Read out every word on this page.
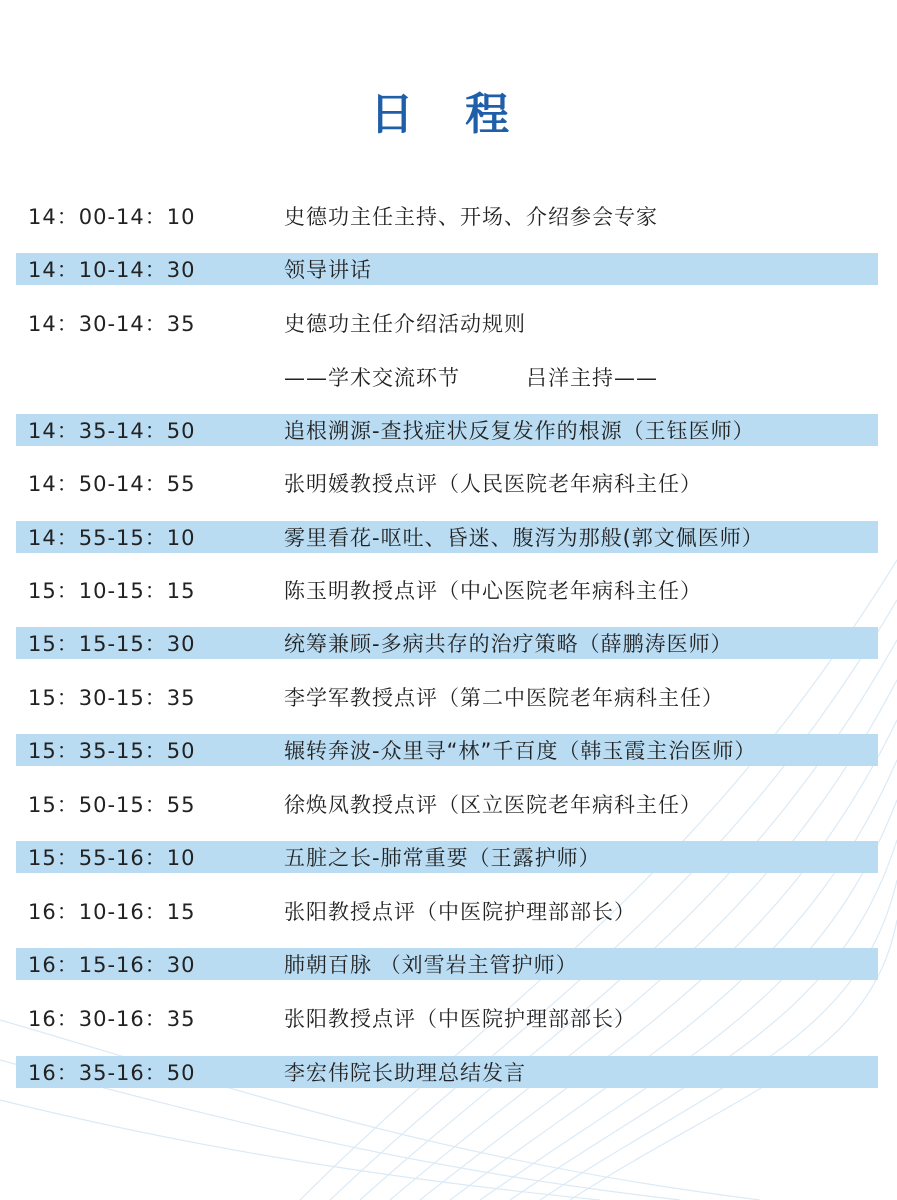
日 程
14：00-14：10	史德功主任主持、开场、介绍参会专家
14：10-14：30	领导讲话
14：30-14：35	史德功主任介绍活动规则
——学术交流环节　　　吕洋主持——
14：35-14：50	追根溯源-查找症状反复发作的根源（王钰医师）
14：50-14：55	张明媛教授点评（人民医院老年病科主任）
14：55-15：10	雾里看花-呕吐、昏迷、腹泻为那般(郭文佩医师）
15：10-15：15	陈玉明教授点评（中心医院老年病科主任）
15：15-15：30	统筹兼顾-多病共存的治疗策略（薛鹏涛医师）
15：30-15：35	李学军教授点评（第二中医院老年病科主任）
15：35-15：50	辗转奔波-众里寻“林”千百度（韩玉霞主治医师）
15：50-15：55	徐焕凤教授点评（区立医院老年病科主任）
15：55-16：10	五脏之长-肺常重要（王露护师）
16：10-16：15	张阳教授点评（中医院护理部部长）
16：15-16：30	肺朝百脉 （刘雪岩主管护师）
16：30-16：35	张阳教授点评（中医院护理部部长）
16：35-16：50	李宏伟院长助理总结发言
